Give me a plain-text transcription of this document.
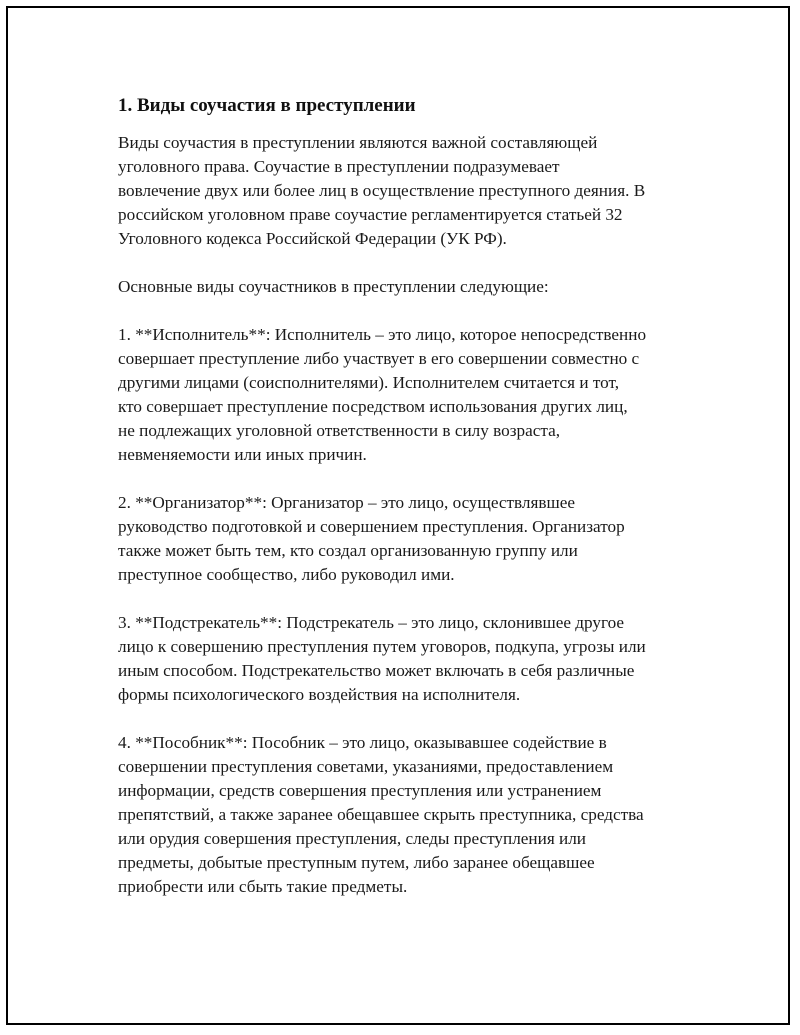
1. Виды соучастия в преступлении
Виды соучастия в преступлении являются важной составляющей
уголовного права. Соучастие в преступлении подразумевает
вовлечение двух или более лиц в осуществление преступного деяния. В
российском уголовном праве соучастие регламентируется статьей 32
Уголовного кодекса Российской Федерации (УК РФ).
Основные виды соучастников в преступлении следующие:
1. **Исполнитель**: Исполнитель – это лицо, которое непосредственно
совершает преступление либо участвует в его совершении совместно с
другими лицами (соисполнителями). Исполнителем считается и тот,
кто совершает преступление посредством использования других лиц,
не подлежащих уголовной ответственности в силу возраста,
невменяемости или иных причин.
2. **Организатор**: Организатор – это лицо, осуществлявшее
руководство подготовкой и совершением преступления. Организатор
также может быть тем, кто создал организованную группу или
преступное сообщество, либо руководил ими.
3. **Подстрекатель**: Подстрекатель – это лицо, склонившее другое
лицо к совершению преступления путем уговоров, подкупа, угрозы или
иным способом. Подстрекательство может включать в себя различные
формы психологического воздействия на исполнителя.
4. **Пособник**: Пособник – это лицо, оказывавшее содействие в
совершении преступления советами, указаниями, предоставлением
информации, средств совершения преступления или устранением
препятствий, а также заранее обещавшее скрыть преступника, средства
или орудия совершения преступления, следы преступления или
предметы, добытые преступным путем, либо заранее обещавшее
приобрести или сбыть такие предметы.
